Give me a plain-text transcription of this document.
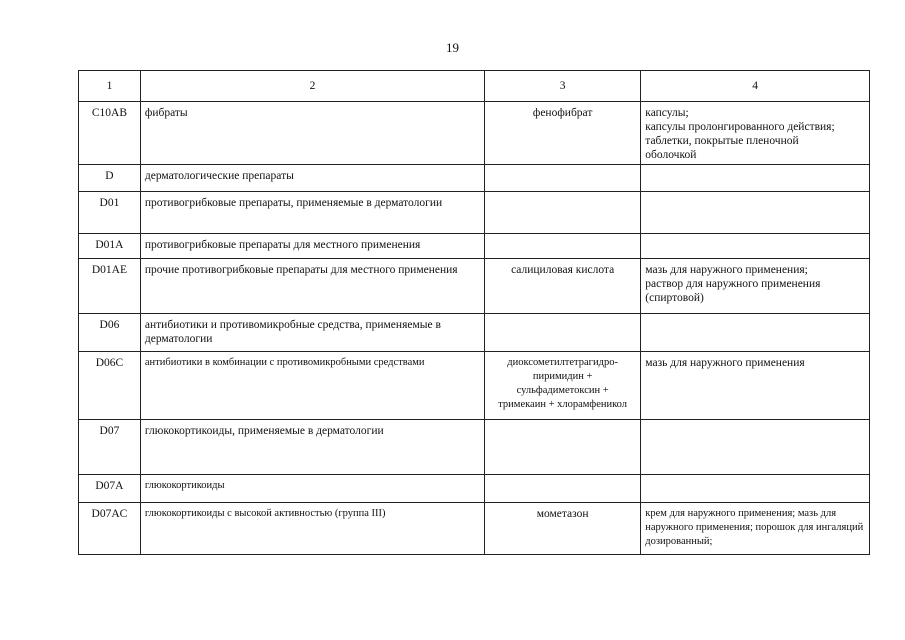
19
1	2	3	4
C10AB	фибраты	фенофибрат	капсулы;
капсулы пролонгированного действия;
таблетки, покрытые пленочной
оболочкой
D	дерматологические препараты		
D01	противогрибковые препараты, применяемые в дерматологии		
D01A	противогрибковые препараты для местного применения		
D01AE	прочие противогрибковые препараты для местного применения	салициловая кислота	мазь для наружного применения;
раствор для наружного применения
(спиртовой)
D06	антибиотики и противомикробные средства, применяемые в дерматологии		
D06C	антибиотики в комбинации с противомикробными средствами	диоксометилтетрагидро-
пиримидин +
сульфадиметоксин +
тримекаин + хлорамфеникол	мазь для наружного применения
D07	глюкокортикоиды, применяемые в дерматологии		
D07A	глюкокортикоиды		
D07AC	глюкокортикоиды с высокой активностью (группа III)	мометазон	крем для наружного применения; мазь для наружного применения; порошок для ингаляций дозированный;
